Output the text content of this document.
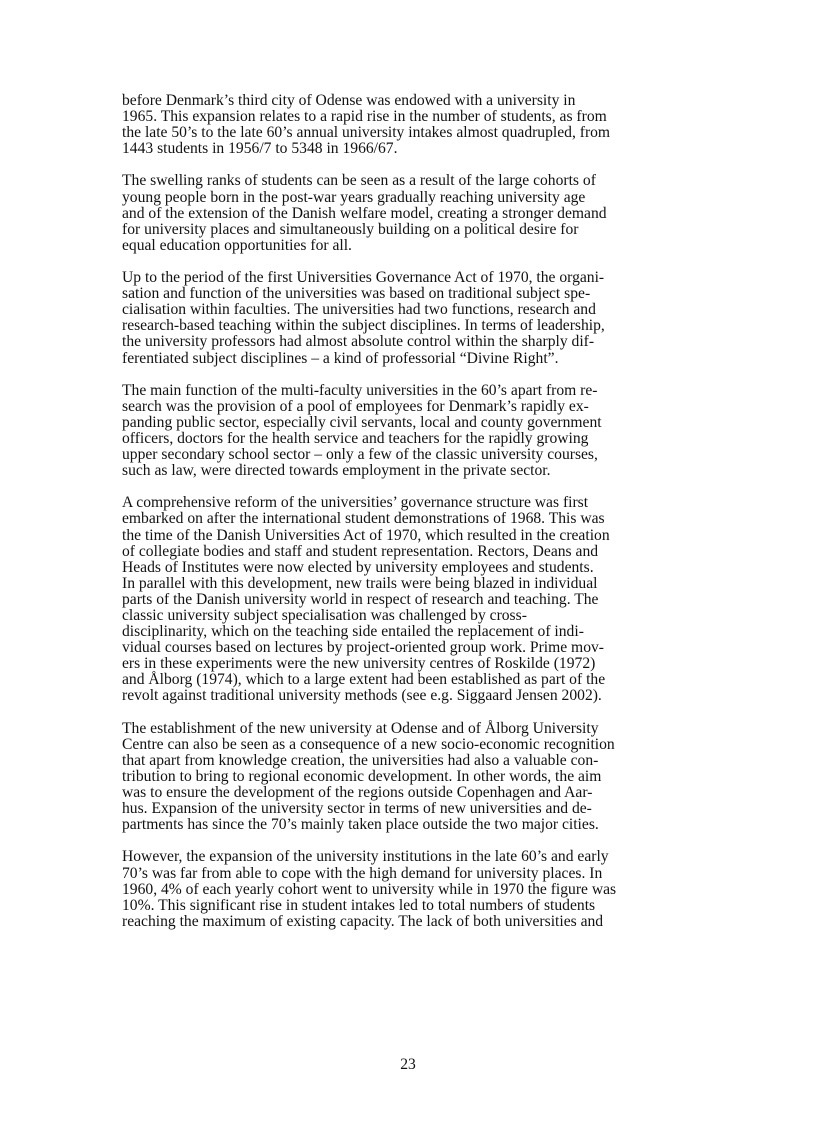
before Denmark’s third city of Odense was endowed with a university in
1965. This expansion relates to a rapid rise in the number of students, as from
the late 50’s to the late 60’s annual university intakes almost quadrupled, from
1443 students in 1956/7 to 5348 in 1966/67.

The swelling ranks of students can be seen as a result of the large cohorts of
young people born in the post-war years gradually reaching university age
and of the extension of the Danish welfare model, creating a stronger demand
for university places and simultaneously building on a political desire for
equal education opportunities for all.

Up to the period of the first Universities Governance Act of 1970, the organi-
sation and function of the universities was based on traditional subject spe-
cialisation within faculties. The universities had two functions, research and
research-based teaching within the subject disciplines. In terms of leadership,
the university professors had almost absolute control within the sharply dif-
ferentiated subject disciplines – a kind of professorial “Divine Right”.

The main function of the multi-faculty universities in the 60’s apart from re-
search was the provision of a pool of employees for Denmark’s rapidly ex-
panding public sector, especially civil servants, local and county government
officers, doctors for the health service and teachers for the rapidly growing
upper secondary school sector – only a few of the classic university courses,
such as law, were directed towards employment in the private sector.

A comprehensive reform of the universities’ governance structure was first
embarked on after the international student demonstrations of 1968. This was
the time of the Danish Universities Act of 1970, which resulted in the creation
of collegiate bodies and staff and student representation. Rectors, Deans and
Heads of Institutes were now elected by university employees and students.
In parallel with this development, new trails were being blazed in individual
parts of the Danish university world in respect of research and teaching. The
classic university subject specialisation was challenged by cross-
disciplinarity, which on the teaching side entailed the replacement of indi-
vidual courses based on lectures by project-oriented group work. Prime mov-
ers in these experiments were the new university centres of Roskilde (1972)
and Ålborg (1974), which to a large extent had been established as part of the
revolt against traditional university methods (see e.g. Siggaard Jensen 2002).

The establishment of the new university at Odense and of Ålborg University
Centre can also be seen as a consequence of a new socio-economic recognition
that apart from knowledge creation, the universities had also a valuable con-
tribution to bring to regional economic development. In other words, the aim
was to ensure the development of the regions outside Copenhagen and Aar-
hus. Expansion of the university sector in terms of new universities and de-
partments has since the 70’s mainly taken place outside the two major cities.

However, the expansion of the university institutions in the late 60’s and early
70’s was far from able to cope with the high demand for university places. In
1960, 4% of each yearly cohort went to university while in 1970 the figure was
10%. This significant rise in student intakes led to total numbers of students
reaching the maximum of existing capacity. The lack of both universities and

23
